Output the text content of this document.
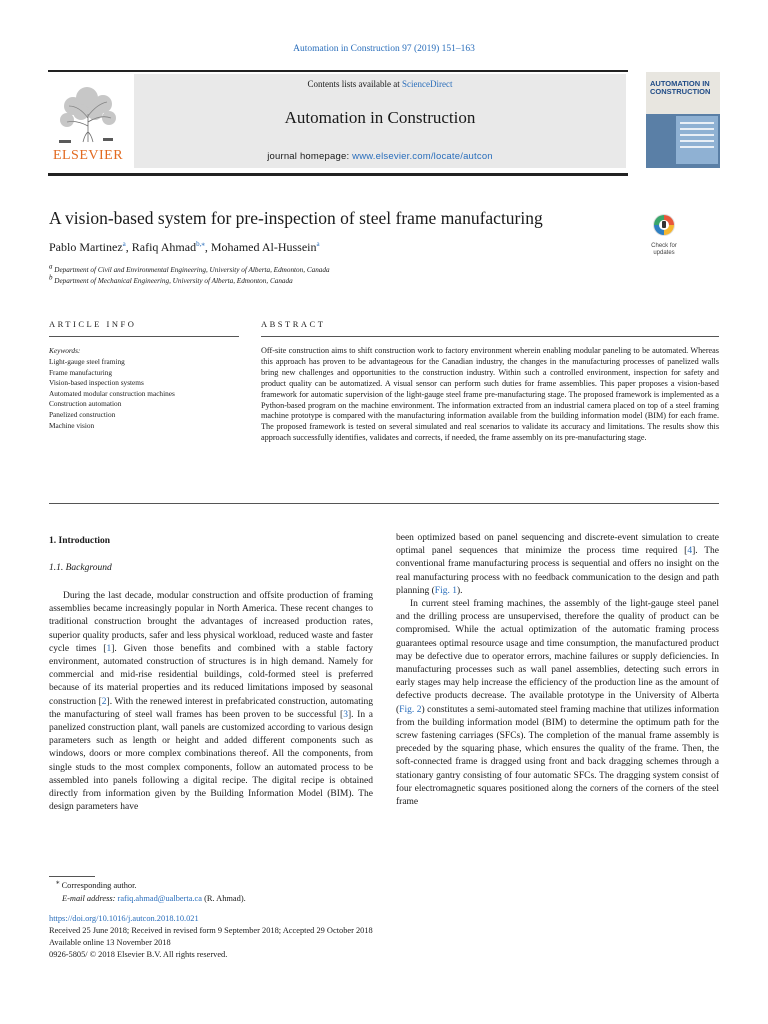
Automation in Construction 97 (2019) 151–163
ELSEVIER
Contents lists available at ScienceDirect
Automation in Construction
journal homepage: www.elsevier.com/locate/autcon
AUTOMATION IN CONSTRUCTION
A vision-based system for pre-inspection of steel frame manufacturing
Check for updates
Pablo Martinez$^a$, Rafiq Ahmad$^{b,⁎}$, Mohamed Al-Hussein$^a$
$^a$ Department of Civil and Environmental Engineering, University of Alberta, Edmonton, Canada
$^b$ Department of Mechanical Engineering, University of Alberta, Edmonton, Canada
ARTICLE INFO
Keywords:
Light-gauge steel framing
Frame manufacturing
Vision-based inspection systems
Automated modular construction machines
Construction automation
Panelized construction
Machine vision
ABSTRACT
Off-site construction aims to shift construction work to factory environment wherein enabling modular paneling to be automated. Whereas this approach has proven to be advantageous for the Canadian industry, the changes in the manufacturing processes of panelized walls bring new challenges and opportunities to the construction industry. Within such a controlled environment, inspection for safety and product quality can be automatized. A visual sensor can perform such duties for frame assemblies. This paper proposes a vision-based framework for automatic supervision of the light-gauge steel frame pre-manufacturing stage. The proposed framework is implemented as a Python-based program on the machine environment. The information extracted from an industrial camera placed on top of a steel framing machine prototype is compared with the manufacturing information available from the building information model (BIM) for each frame. The proposed framework is tested on several simulated and real scenarios to validate its accuracy and limitations. The results show this approach successfully identifies, validates and corrects, if needed, the frame assembly on its pre-manufacturing stage.
1. Introduction
1.1. Background

During the last decade, modular construction and offsite production of framing assemblies became increasingly popular in North America. These recent changes to traditional construction brought the advantages of increased production rates, superior quality products, safer and less physical workload, reduced waste and faster cycle times [1]. Given those benefits and combined with a stable factory environment, automated construction of structures is in high demand. Namely for commercial and mid-rise residential buildings, cold-formed steel is preferred because of its material properties and its reduced limitations imposed by seasonal construction [2]. With the renewed interest in prefabricated construction, automating the manufacturing of steel wall frames has been proven to be successful [3]. In a panelized construction plant, wall panels are customized according to various design parameters such as length or height and added different components such as windows, doors or more complex combinations thereof. All the components, from single studs to the most complex components, follow an automated process to be assembled into panels following a digital recipe. The digital recipe is obtained directly from information given by the Building Information Model (BIM). The design parameters have

been optimized based on panel sequencing and discrete-event simulation to create optimal panel sequences that minimize the process time required [4]. The conventional frame manufacturing process is sequential and offers no insight on the real manufacturing process with no feedback communication to the design and path planning (Fig. 1).

In current steel framing machines, the assembly of the light-gauge steel panel and the drilling process are unsupervised, therefore the quality of product can be compromised. While the actual optimization of the automatic framing process guarantees optimal resource usage and time consumption, the manufactured product may be defective due to operator errors, machine failures or supply deficiencies. In manufacturing processes such as wall panel assemblies, detecting such errors in early stages may help increase the efficiency of the production line as the amount of defective products decrease. The available prototype in the University of Alberta (Fig. 2) constitutes a semi-automated steel framing machine that utilizes information from the building information model (BIM) to determine the optimum path for the screw fastening carriages (SFCs). The completion of the manual frame assembly is preceded by the squaring phase, which ensures the quality of the frame. Then, the soft-connected frame is dragged using front and back dragging schemes through a stationary gantry consisting of four automatic SFCs. The dragging system consist of four electromagnetic squares positioned along the corners of the corners of the steel frame

⁎ Corresponding author.
E-mail address: rafiq.ahmad@ualberta.ca (R. Ahmad).
https://doi.org/10.1016/j.autcon.2018.10.021
Received 25 June 2018; Received in revised form 9 September 2018; Accepted 29 October 2018
Available online 13 November 2018
0926-5805/ © 2018 Elsevier B.V. All rights reserved.
